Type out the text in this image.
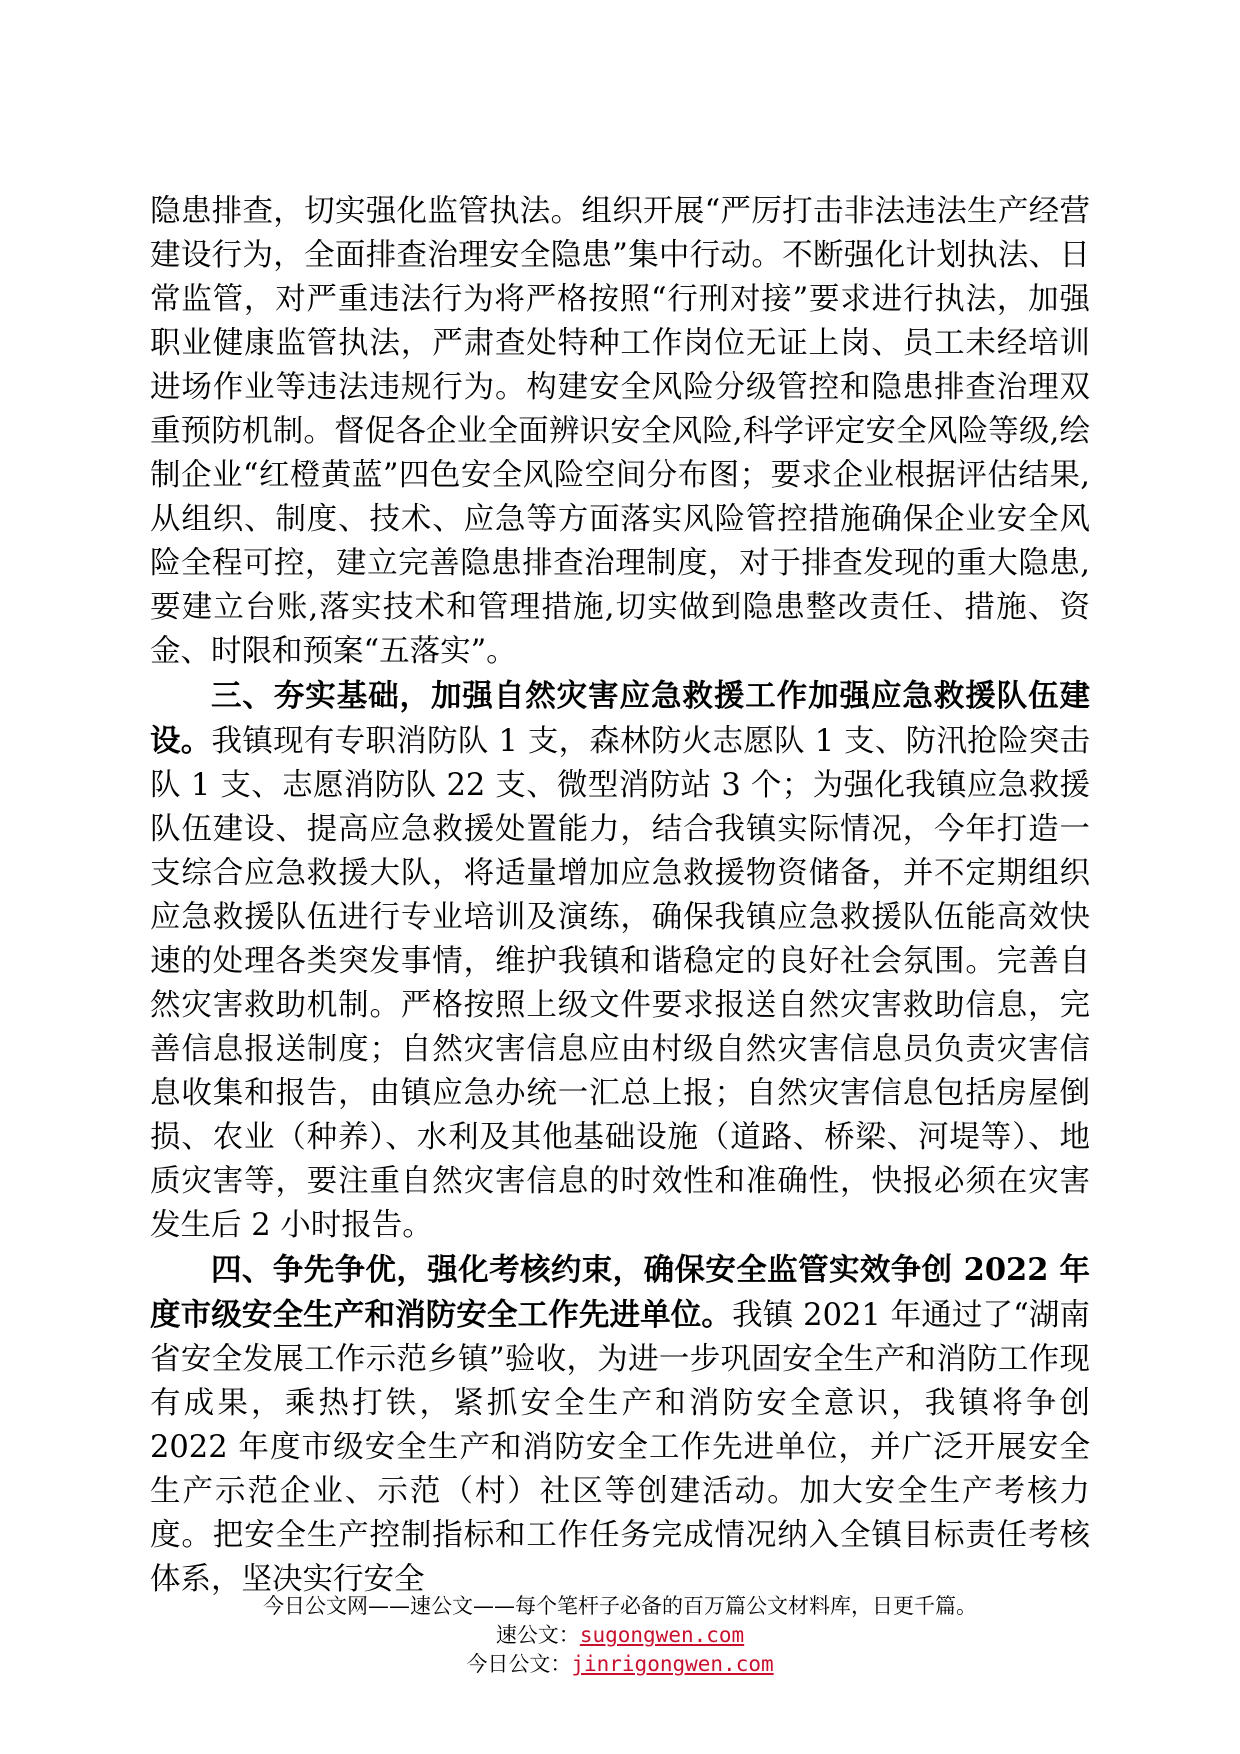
隐患排查，切实强化监管执法。组织开展“严厉打击非法违法生产经营建设行为，全面排查治理安全隐患”集中行动。不断强化计划执法、日常监管，对严重违法行为将严格按照“行刑对接”要求进行执法，加强职业健康监管执法，严肃查处特种工作岗位无证上岗、员工未经培训进场作业等违法违规行为。构建安全风险分级管控和隐患排查治理双重预防机制。督促各企业全面辨识安全风险,科学评定安全风险等级,绘制企业“红橙黄蓝”四色安全风险空间分布图；要求企业根据评估结果,从组织、制度、技术、应急等方面落实风险管控措施确保企业安全风险全程可控，建立完善隐患排查治理制度，对于排查发现的重大隐患,要建立台账,落实技术和管理措施,切实做到隐患整改责任、措施、资金、时限和预案“五落实”。

三、夯实基础，加强自然灾害应急救援工作加强应急救援队伍建设。我镇现有专职消防队 1 支，森林防火志愿队 1 支、防汛抢险突击队 1 支、志愿消防队 22 支、微型消防站 3 个；为强化我镇应急救援队伍建设、提高应急救援处置能力，结合我镇实际情况，今年打造一支综合应急救援大队，将适量增加应急救援物资储备，并不定期组织应急救援队伍进行专业培训及演练，确保我镇应急救援队伍能高效快速的处理各类突发事情，维护我镇和谐稳定的良好社会氛围。完善自然灾害救助机制。严格按照上级文件要求报送自然灾害救助信息，完善信息报送制度；自然灾害信息应由村级自然灾害信息员负责灾害信息收集和报告，由镇应急办统一汇总上报；自然灾害信息包括房屋倒损、农业（种养）、水利及其他基础设施（道路、桥梁、河堤等）、地质灾害等，要注重自然灾害信息的时效性和准确性，快报必须在灾害发生后 2 小时报告。

四、争先争优，强化考核约束，确保安全监管实效争创 2022 年度市级安全生产和消防安全工作先进单位。我镇 2021 年通过了“湖南省安全发展工作示范乡镇”验收，为进一步巩固安全生产和消防工作现有成果，乘热打铁，紧抓安全生产和消防安全意识，我镇将争创 2022 年度市级安全生产和消防安全工作先进单位，并广泛开展安全生产示范企业、示范（村）社区等创建活动。加大安全生产考核力度。把安全生产控制指标和工作任务完成情况纳入全镇目标责任考核体系，坚决实行安全

今日公文网——速公文——每个笔杆子必备的百万篇公文材料库，日更千篇。

速公文：sugongwen.com

今日公文：jinrigongwen.com
